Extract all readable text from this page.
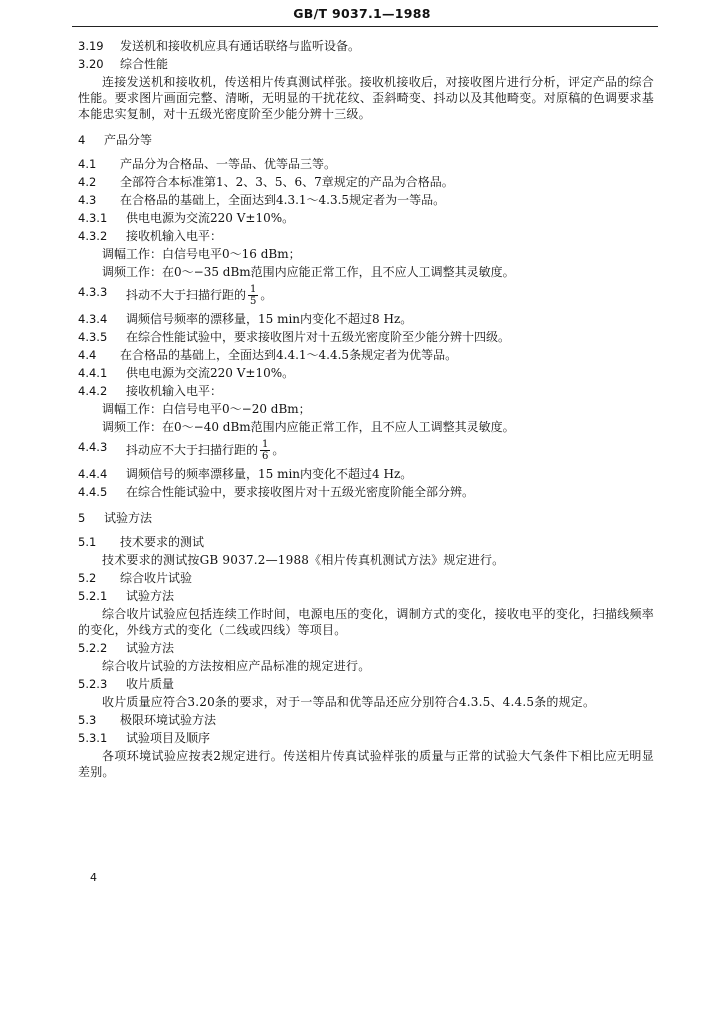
GB/T 9037.1—1988
3.19	发送机和接收机应具有通话联络与监听设备。
3.20	综合性能
连接发送机和接收机，传送相片传真测试样张。接收机接收后，对接收图片进行分析，评定产品的综合性能。要求图片画面完整、清晰，无明显的干扰花纹、歪斜畸变、抖动以及其他畸变。对原稿的色调要求基本能忠实复制，对十五级光密度阶至少能分辨十三级。
4	产品分等
4.1	产品分为合格品、一等品、优等品三等。
4.2	全部符合本标准第1、2、3、5、6、7章规定的产品为合格品。
4.3	在合格品的基础上，全面达到4.3.1～4.3.5规定者为一等品。
4.3.1	供电电源为交流220 V±10%。
4.3.2	接收机输入电平：
调幅工作：白信号电平0～16 dBm；
调频工作：在0～−35 dBm范围内应能正常工作，且不应人工调整其灵敏度。
4.3.3	抖动不大于扫描行距的 $\frac{1}{5}$ 。
4.3.4	调频信号频率的漂移量，15 min内变化不超过8 Hz。
4.3.5	在综合性能试验中，要求接收图片对十五级光密度阶至少能分辨十四级。
4.4	在合格品的基础上，全面达到4.4.1～4.4.5条规定者为优等品。
4.4.1	供电电源为交流220 V±10%。
4.4.2	接收机输入电平：
调幅工作：白信号电平0～−20 dBm；
调频工作：在0～−40 dBm范围内应能正常工作，且不应人工调整其灵敏度。
4.4.3	抖动应不大于扫描行距的 $\frac{1}{6}$ 。
4.4.4	调频信号的频率漂移量，15 min内变化不超过4 Hz。
4.4.5	在综合性能试验中，要求接收图片对十五级光密度阶能全部分辨。
5	试验方法
5.1	技术要求的测试
技术要求的测试按GB 9037.2—1988《相片传真机测试方法》规定进行。
5.2	综合收片试验
5.2.1	试验方法
综合收片试验应包括连续工作时间，电源电压的变化，调制方式的变化，接收电平的变化，扫描线频率的变化，外线方式的变化（二线或四线）等项目。
5.2.2	试验方法
综合收片试验的方法按相应产品标准的规定进行。
5.2.3	收片质量
收片质量应符合3.20条的要求，对于一等品和优等品还应分别符合4.3.5、4.4.5条的规定。
5.3	极限环境试验方法
5.3.1	试验项目及顺序
各项环境试验应按表2规定进行。传送相片传真试验样张的质量与正常的试验大气条件下相比应无明显差别。
4
